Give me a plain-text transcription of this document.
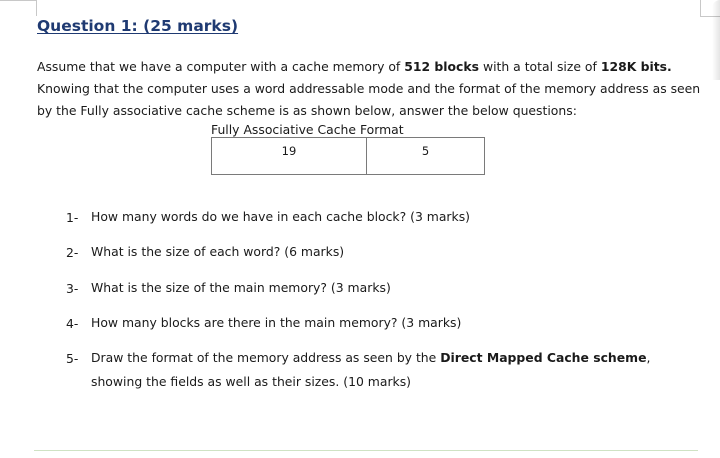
Question 1: (25 marks)
Assume that we have a computer with a cache memory of 512 blocks with a total size of 128K bits.
Knowing that the computer uses a word addressable mode and the format of the memory address as seen
by the Fully associative cache scheme is as shown below, answer the below questions:
Fully Associative Cache Format
19	5
1-	How many words do we have in each cache block? (3 marks)
2-	What is the size of each word? (6 marks)
3-	What is the size of the main memory? (3 marks)
4-	How many blocks are there in the main memory? (3 marks)
5-	Draw the format of the memory address as seen by the Direct Mapped Cache scheme, showing the fields as well as their sizes. (10 marks)
